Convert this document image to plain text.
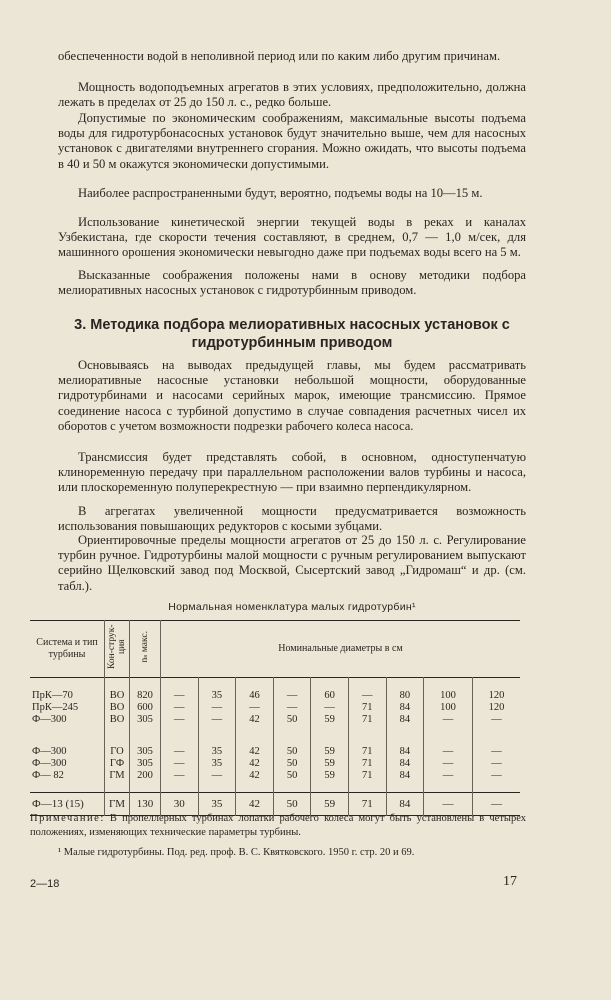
обеспеченности водой в неполивной период или по каким либо другим причинам.

Мощность водоподъемных агрегатов в этих условиях, предположительно, должна лежать в пределах от 25 до 150 л. с., редко больше.

Допустимые по экономическим соображениям, максимальные высоты подъема воды для гидротурбонасосных установок будут значительно выше, чем для насосных установок с двигателями внутреннего сгорания. Можно ожидать, что высоты подъема в 40 и 50 м окажутся экономически допустимыми.

Наиболее распространенными будут, вероятно, подъемы воды на 10—15 м.

Использование кинетической энергии текущей воды в реках и каналах Узбекистана, где скорости течения составляют, в среднем, 0,7 — 1,0 м/сек, для машинного орошения экономически невыгодно даже при подъемах воды всего на 5 м.

Высказанные соображения положены нами в основу методики подбора мелиоративных насосных установок с гидротурбинным приводом.

3. Методика подбора мелиоративных насосных установок с гидротурбинным приводом

Основываясь на выводах предыдущей главы, мы будем рассматривать мелиоративные насосные установки небольшой мощности, оборудованные гидротурбинами и насосами серийных марок, имеющие трансмиссию. Прямое соединение насоса с турбиной допустимо в случае совпадения расчетных чисел их оборотов с учетом возможности подрезки рабочего колеса насоса.

Трансмиссия будет представлять собой, в основном, одноступенчатую клиноременную передачу при параллельном расположении валов турбины и насоса, или плоскоременную полуперекрестную — при взаимно перпендикулярном.

В агрегатах увеличенной мощности предусматривается возможность использования повышающих редукторов с косыми зубцами.

Ориентировочные пределы мощности агрегатов от 25 до 150 л. с. Регулирование турбин ручное. Гидротурбины малой мощности с ручным регулированием выпускают серийно Щелковский завод под Москвой, Сысертский завод „Гидромаш“ и др. (см. табл.).

Нормальная номенклатура малых гидротурбин¹
Система и тип турбины	Кон-струк-ция	nₛ макс.	Номинальные диаметры в см								

ПрК—70	ВО	820	—	35	46	—	60	—	80	100	120
ПрК—245	ВО	600	—	—	—	—	—	71	84	100	120
Ф—300	ВО	305	—	—	42	50	59	71	84	—	—

Ф—300	ГО	305	—	35	42	50	59	71	84	—	—
Ф—300	ГФ	305	—	35	42	50	59	71	84	—	—
Ф— 82	ГМ	200	—	—	42	50	59	71	84	—	—

Ф—13 (15)	ГМ	130	30	35	42	50	59	71	84	—	—

Примечание: В пропеллерных турбинах лопатки рабочего колеса могут быть установлены в четырех положениях, изменяющих технические параметры турбины.

¹ Малые гидротурбины. Под. ред. проф. В. С. Квятковского. 1950 г. стр. 20 и 69.

2—18	17
